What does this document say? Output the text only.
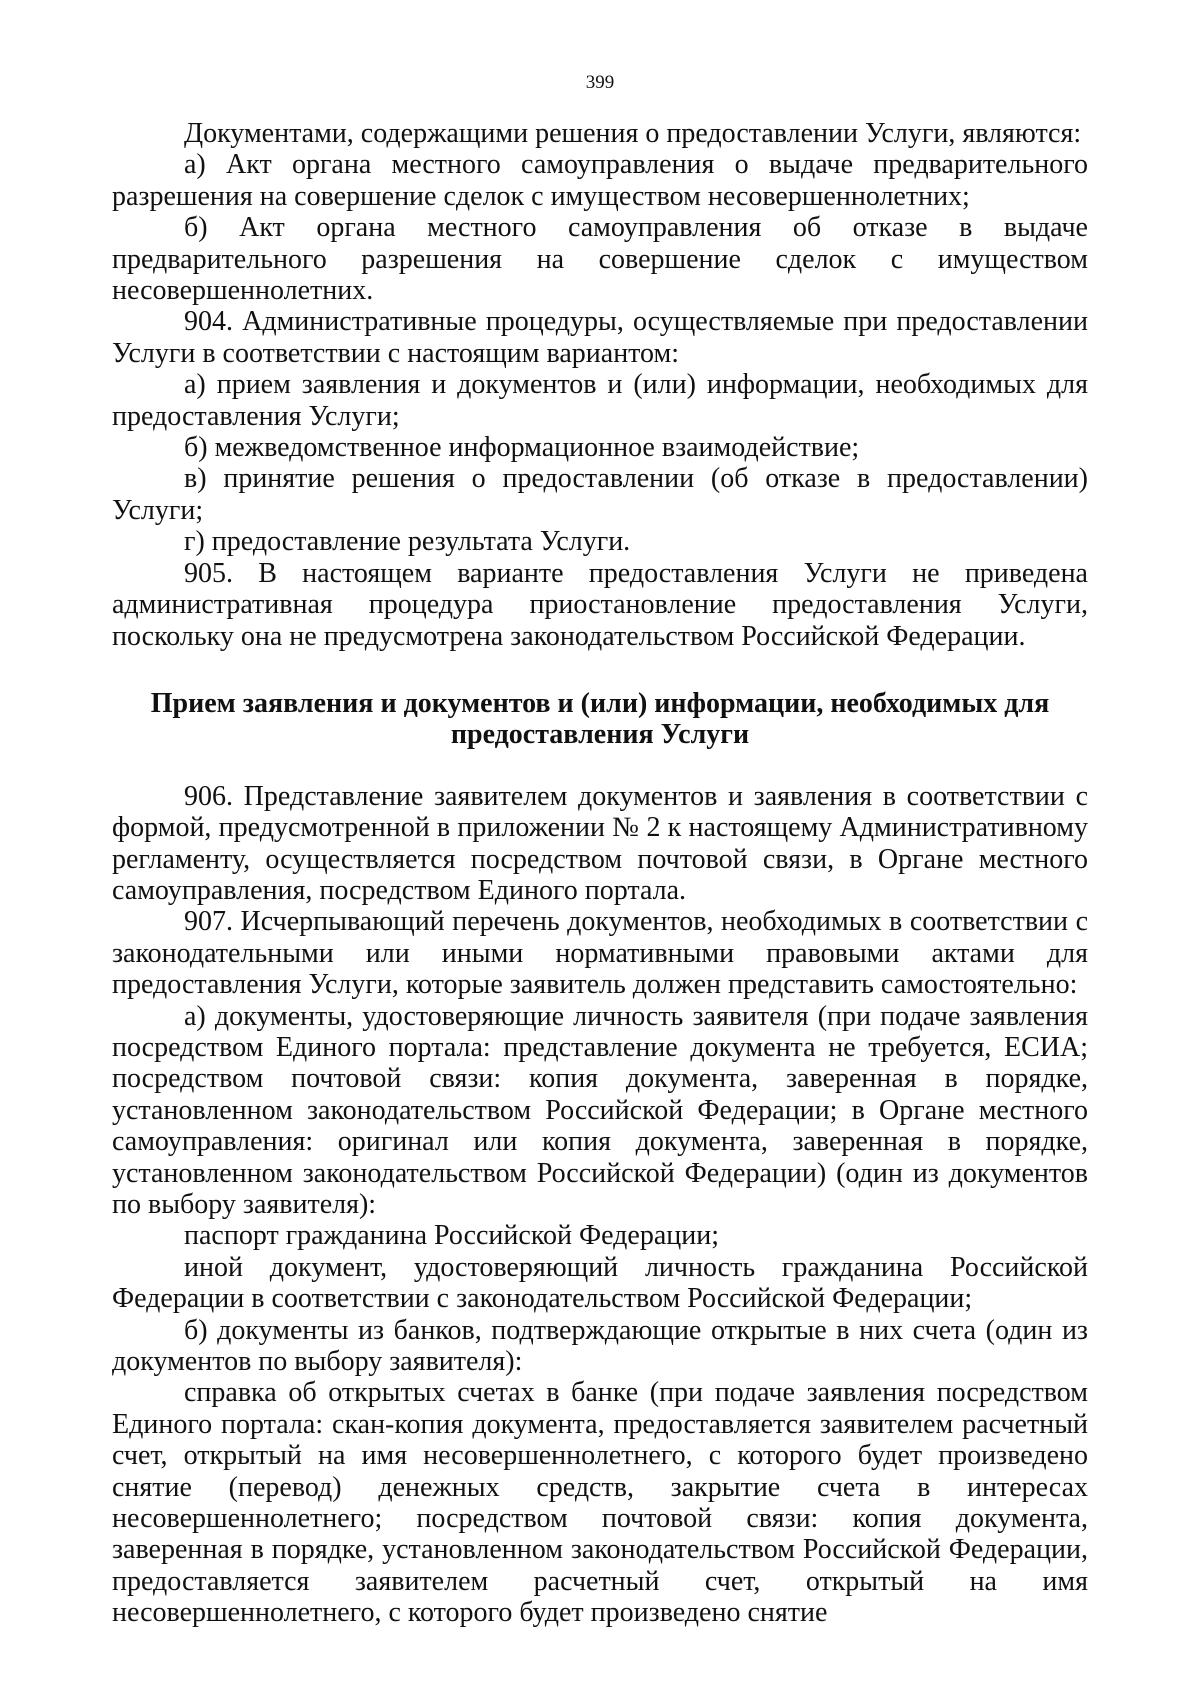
399

Документами, содержащими решения о предоставлении Услуги, являются:

а) Акт органа местного самоуправления о выдаче предварительного разрешения на совершение сделок с имуществом несовершеннолетних;

б) Акт органа местного самоуправления об отказе в выдаче предварительного разрешения на совершение сделок с имуществом несовершеннолетних.

904. Административные процедуры, осуществляемые при предоставлении Услуги в соответствии с настоящим вариантом:

а) прием заявления и документов и (или) информации, необходимых для предоставления Услуги;

б) межведомственное информационное взаимодействие;

в) принятие решения о предоставлении (об отказе в предоставлении) Услуги;

г) предоставление результата Услуги.

905. В настоящем варианте предоставления Услуги не приведена административная процедура приостановление предоставления Услуги, поскольку она не предусмотрена законодательством Российской Федерации.

Прием заявления и документов и (или) информации, необходимых для предоставления Услуги

906. Представление заявителем документов и заявления в соответствии с формой, предусмотренной в приложении № 2 к настоящему Административному регламенту, осуществляется посредством почтовой связи, в Органе местного самоуправления, посредством Единого портала.

907. Исчерпывающий перечень документов, необходимых в соответствии с законодательными или иными нормативными правовыми актами для предоставления Услуги, которые заявитель должен представить самостоятельно:

а) документы, удостоверяющие личность заявителя (при подаче заявления посредством Единого портала: представление документа не требуется, ЕСИА; посредством почтовой связи: копия документа, заверенная в порядке, установленном законодательством Российской Федерации; в Органе местного самоуправления: оригинал или копия документа, заверенная в порядке, установленном законодательством Российской Федерации) (один из документов по выбору заявителя):

паспорт гражданина Российской Федерации;

иной документ, удостоверяющий личность гражданина Российской Федерации в соответствии с законодательством Российской Федерации;

б) документы из банков, подтверждающие открытые в них счета (один из документов по выбору заявителя):

справка об открытых счетах в банке (при подаче заявления посредством Единого портала: скан-копия документа, предоставляется заявителем расчетный счет, открытый на имя несовершеннолетнего, с которого будет произведено снятие (перевод) денежных средств, закрытие счета в интересах несовершеннолетнего; посредством почтовой связи: копия документа, заверенная в порядке, установленном законодательством Российской Федерации, предоставляется заявителем расчетный счет, открытый на имя несовершеннолетнего, с которого будет произведено снятие
